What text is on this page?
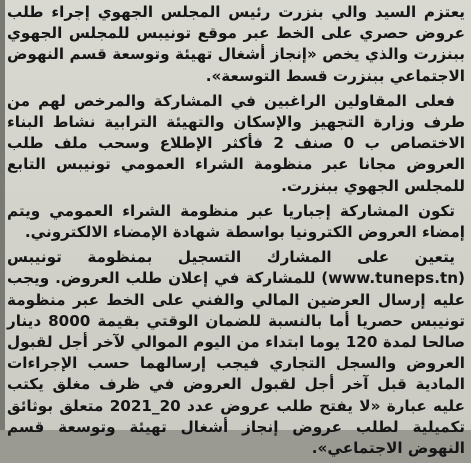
يعتزم السيد والي بنزرت رئيس المجلس الجهوي إجراء طلب عروض حصري على الخط عبر موقع تونيبس للمجلس الجهوي ببنزرت والذي يخص «إنجاز أشغال تهيئة وتوسعة قسم النهوض الاجتماعي ببنزرت قسط التوسعة».

فعلى المقاولين الراغبين في المشاركة والمرخص لهم من طرف وزارة التجهيز والإسكان والتهيئة الترابية نشاط البناء الاختصاص ب 0 صنف 2 فأكثر الإطلاع وسحب ملف طلب العروض مجانا عبر منظومة الشراء العمومي تونيبس التابع للمجلس الجهوي ببنزرت.

تكون المشاركة إجباريا عبر منظومة الشراء العمومي ويتم إمضاء العروض الكترونيا بواسطة شهادة الإمضاء الالكتروني.

يتعين على المشارك التسجيل بمنظومة تونيبس (www.tuneps.tn) للمشاركة في إعلان طلب العروض. ويجب عليه إرسال العرضين المالي والفني على الخط عبر منظومة تونيبس حصريا أما بالنسبة للضمان الوقتي بقيمة 8000 دينار صالحا لمدة 120 يوما ابتداء من اليوم الموالي لآخر أجل لقبول العروض والسجل التجاري فيجب إرسالهما حسب الإجراءات المادية قبل آخر أجل لقبول العروض في ظرف مغلق يكتب عليه عبارة «لا يفتح طلب عروض عدد 20_2021 متعلق بوثائق تكميلية لطلب عروض إنجاز أشغال تهيئة وتوسعة قسم النهوض الاجتماعي».
